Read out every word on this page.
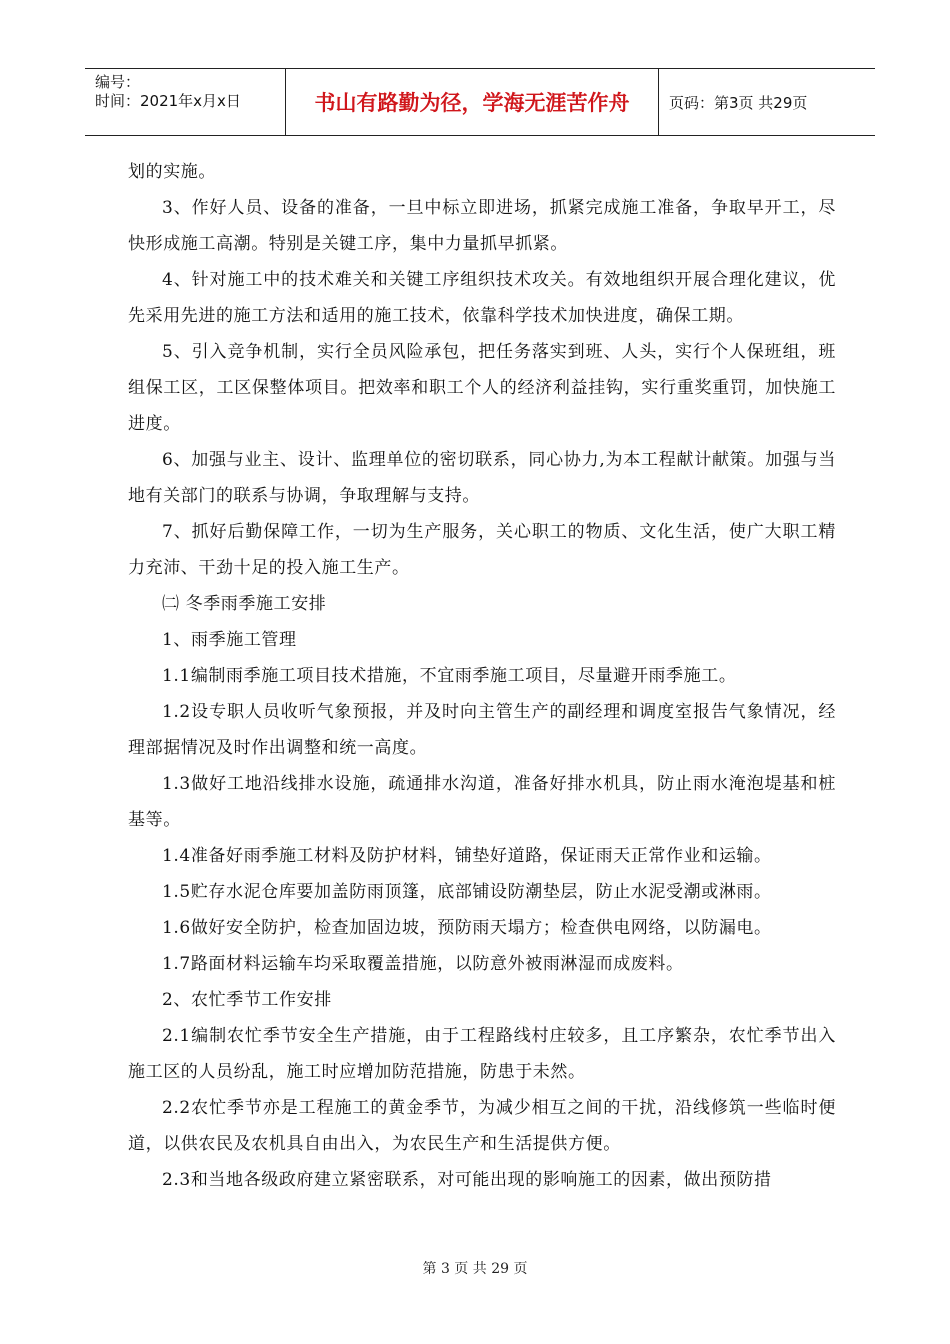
编号：
时间：2021年x月x日	书山有路勤为径，学海无涯苦作舟	页码：第3页 共29页

划的实施。

3、作好人员、设备的准备，一旦中标立即进场，抓紧完成施工准备，争取早开工，尽快形成施工高潮。特别是关键工序，集中力量抓早抓紧。

4、针对施工中的技术难关和关键工序组织技术攻关。有效地组织开展合理化建议，优先采用先进的施工方法和适用的施工技术，依靠科学技术加快进度，确保工期。

5、引入竞争机制，实行全员风险承包，把任务落实到班、人头，实行个人保班组，班组保工区，工区保整体项目。把效率和职工个人的经济利益挂钩，实行重奖重罚，加快施工进度。

6、加强与业主、设计、监理单位的密切联系，同心协力,为本工程献计献策。加强与当地有关部门的联系与协调，争取理解与支持。

7、抓好后勤保障工作，一切为生产服务，关心职工的物质、文化生活，使广大职工精力充沛、干劲十足的投入施工生产。

㈡ 冬季雨季施工安排

1、雨季施工管理

1.1编制雨季施工项目技术措施，不宜雨季施工项目，尽量避开雨季施工。

1.2设专职人员收听气象预报，并及时向主管生产的副经理和调度室报告气象情况，经理部据情况及时作出调整和统一高度。

1.3做好工地沿线排水设施，疏通排水沟道，准备好排水机具，防止雨水淹泡堤基和桩基等。

1.4准备好雨季施工材料及防护材料，铺垫好道路，保证雨天正常作业和运输。

1.5贮存水泥仓库要加盖防雨顶篷，底部铺设防潮垫层，防止水泥受潮或淋雨。

1.6做好安全防护，检查加固边坡，预防雨天塌方；检查供电网络，以防漏电。

1.7路面材料运输车均采取覆盖措施，以防意外被雨淋湿而成废料。

2、农忙季节工作安排

2.1编制农忙季节安全生产措施，由于工程路线村庄较多，且工序繁杂，农忙季节出入施工区的人员纷乱，施工时应增加防范措施，防患于未然。

2.2农忙季节亦是工程施工的黄金季节，为减少相互之间的干扰，沿线修筑一些临时便道，以供农民及农机具自由出入，为农民生产和生活提供方便。

2.3和当地各级政府建立紧密联系，对可能出现的影响施工的因素，做出预防措

第 3 页 共 29 页
